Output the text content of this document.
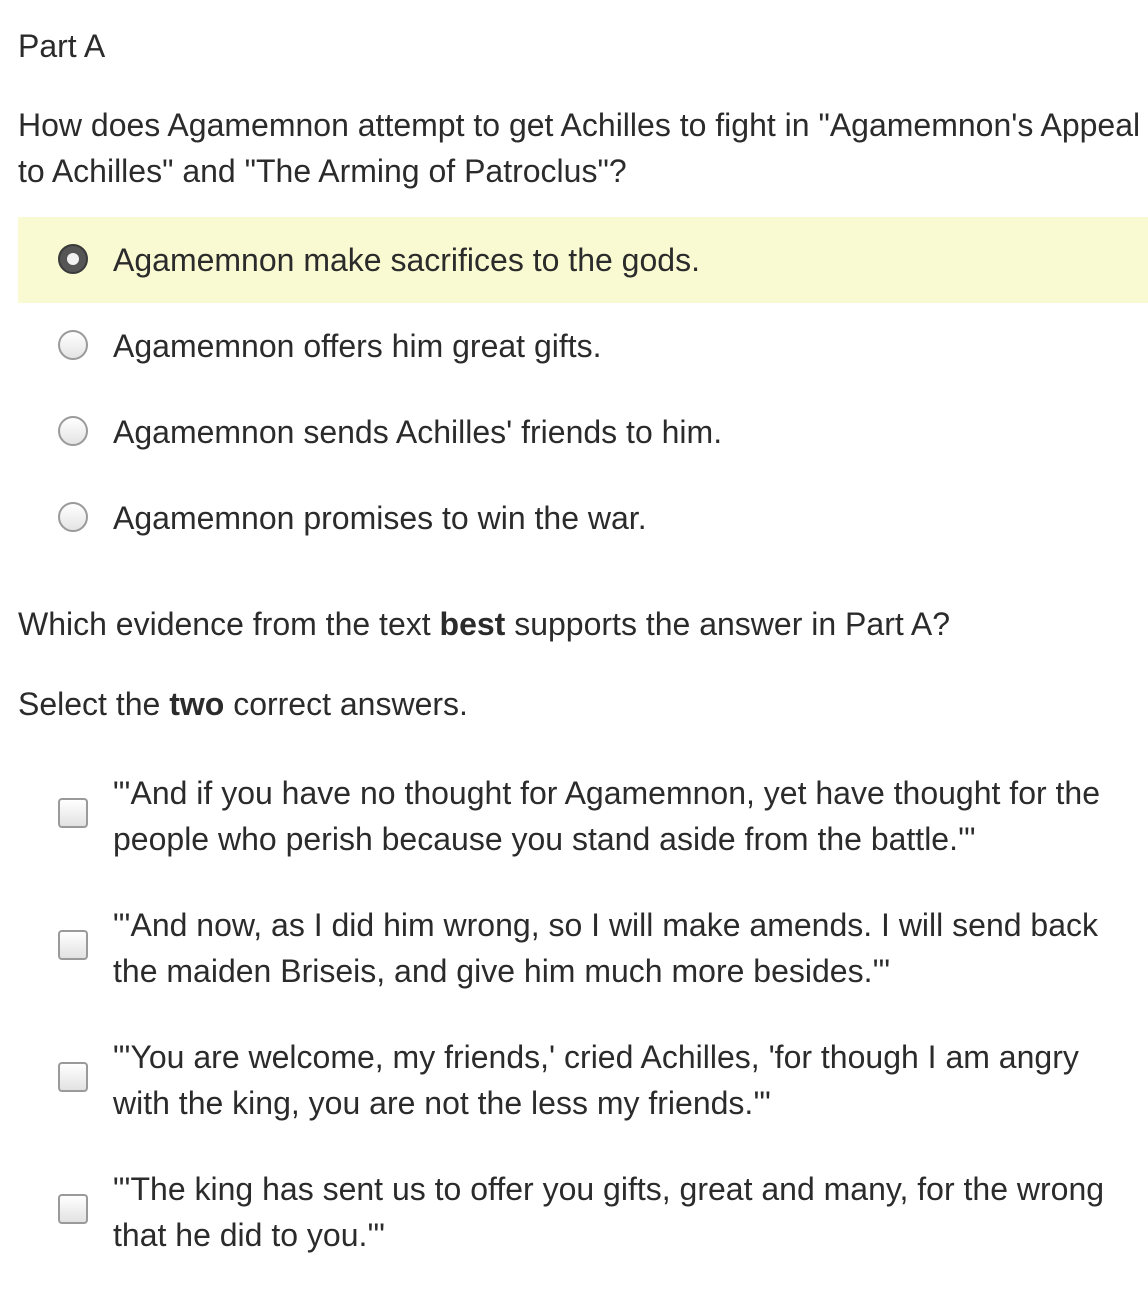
Part A
How does Agamemnon attempt to get Achilles to fight in "Agamemnon's Appeal to Achilles" and "The Arming of Patroclus"?
Agamemnon make sacrifices to the gods.
Agamemnon offers him great gifts.
Agamemnon sends Achilles' friends to him.
Agamemnon promises to win the war.
Which evidence from the text best supports the answer in Part A?
Select the two correct answers.
"'And if you have no thought for Agamemnon, yet have thought for the people who perish because you stand aside from the battle.'"
"'And now, as I did him wrong, so I will make amends. I will send back the maiden Briseis, and give him much more besides.'"
"'You are welcome, my friends,' cried Achilles, 'for though I am angry with the king, you are not the less my friends.'"
"'The king has sent us to offer you gifts, great and many, for the wrong that he did to you.'"
